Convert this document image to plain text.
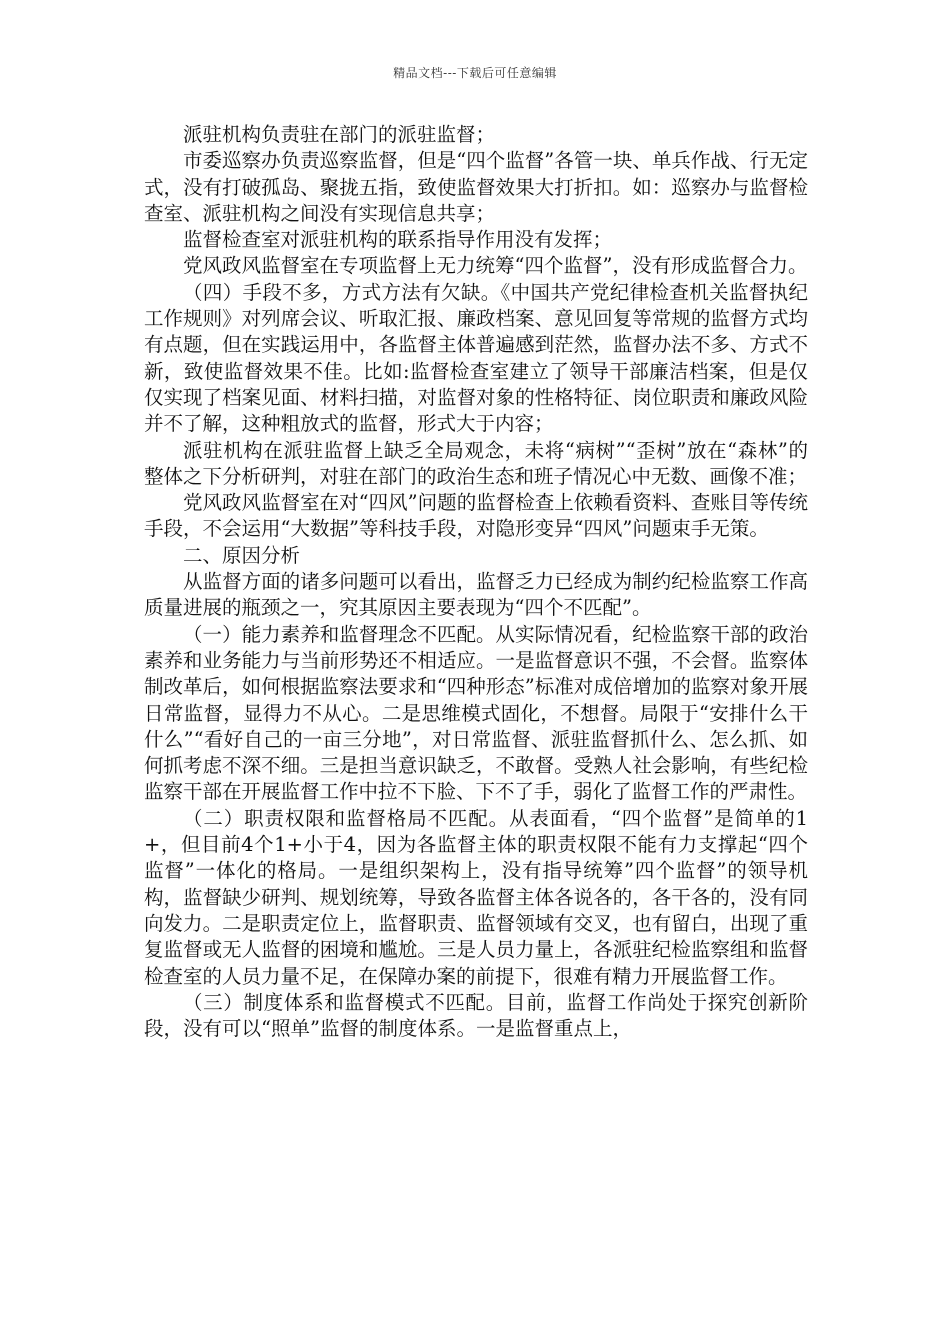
精品文档---下载后可任意编辑

派驻机构负责驻在部门的派驻监督；

市委巡察办负责巡察监督，但是“四个监督”各管一块、单兵作战、行无定式，没有打破孤岛、聚拢五指，致使监督效果大打折扣。如：巡察办与监督检查室、派驻机构之间没有实现信息共享；

监督检查室对派驻机构的联系指导作用没有发挥；

党风政风监督室在专项监督上无力统筹“四个监督”，没有形成监督合力。

（四）手段不多，方式方法有欠缺。《中国共产党纪律检查机关监督执纪工作规则》对列席会议、听取汇报、廉政档案、意见回复等常规的监督方式均有点题，但在实践运用中，各监督主体普遍感到茫然，监督办法不多、方式不新，致使监督效果不佳。比如:监督检查室建立了领导干部廉洁档案，但是仅仅实现了档案见面、材料扫描，对监督对象的性格特征、岗位职责和廉政风险并不了解，这种粗放式的监督，形式大于内容；

派驻机构在派驻监督上缺乏全局观念，未将“病树”“歪树”放在“森林”的整体之下分析研判，对驻在部门的政治生态和班子情况心中无数、画像不准；

党风政风监督室在对“四风”问题的监督检查上依赖看资料、查账目等传统手段，不会运用“大数据”等科技手段，对隐形变异“四风”问题束手无策。

二、原因分析

从监督方面的诸多问题可以看出，监督乏力已经成为制约纪检监察工作高质量进展的瓶颈之一，究其原因主要表现为“四个不匹配”。

（一）能力素养和监督理念不匹配。从实际情况看，纪检监察干部的政治素养和业务能力与当前形势还不相适应。一是监督意识不强，不会督。监察体制改革后，如何根据监察法要求和“四种形态”标准对成倍增加的监察对象开展日常监督，显得力不从心。二是思维模式固化，不想督。局限于“安排什么干什么”“看好自己的一亩三分地”，对日常监督、派驻监督抓什么、怎么抓、如何抓考虑不深不细。三是担当意识缺乏，不敢督。受熟人社会影响，有些纪检监察干部在开展监督工作中拉不下脸、下不了手，弱化了监督工作的严肃性。

（二）职责权限和监督格局不匹配。从表面看，“四个监督”是简单的1+，但目前4个1+小于4，因为各监督主体的职责权限不能有力支撑起“四个监督”一体化的格局。一是组织架构上，没有指导统筹”四个监督”的领导机构，监督缺少研判、规划统筹，导致各监督主体各说各的，各干各的，没有同向发力。二是职责定位上，监督职责、监督领域有交叉，也有留白，出现了重复监督或无人监督的困境和尴尬。三是人员力量上，各派驻纪检监察组和监督检查室的人员力量不足，在保障办案的前提下，很难有精力开展监督工作。

（三）制度体系和监督模式不匹配。目前，监督工作尚处于探究创新阶段，没有可以“照单”监督的制度体系。一是监督重点上，
